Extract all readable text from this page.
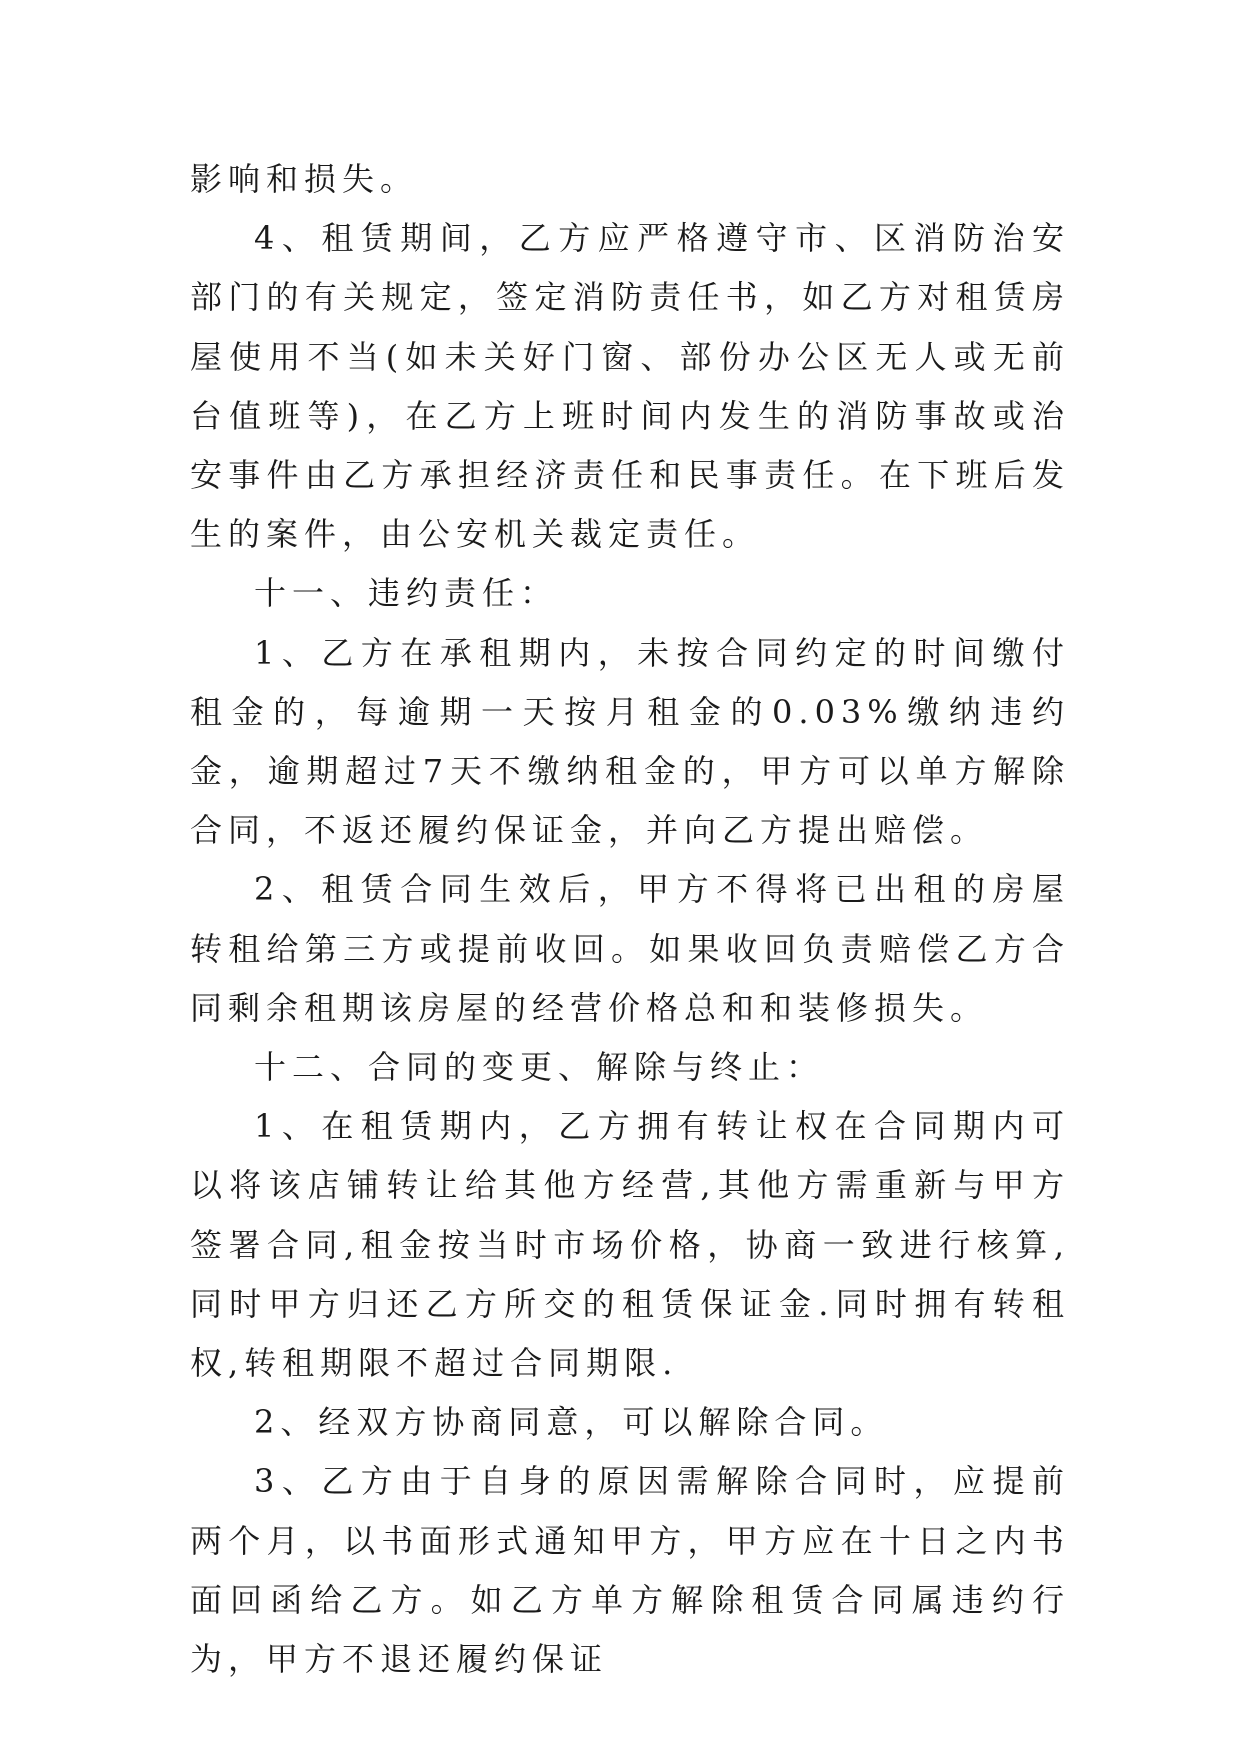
影响和损失。

4、租赁期间，乙方应严格遵守市、区消防治安部门的有关规定，签定消防责任书，如乙方对租赁房屋使用不当(如未关好门窗、部份办公区无人或无前台值班等)，在乙方上班时间内发生的消防事故或治安事件由乙方承担经济责任和民事责任。在下班后发生的案件，由公安机关裁定责任。

十一、违约责任：

1、乙方在承租期内，未按合同约定的时间缴付租金的，每逾期一天按月租金的0.03%缴纳违约金，逾期超过7天不缴纳租金的，甲方可以单方解除合同，不返还履约保证金，并向乙方提出赔偿。

2、租赁合同生效后，甲方不得将已出租的房屋转租给第三方或提前收回。如果收回负责赔偿乙方合同剩余租期该房屋的经营价格总和和装修损失。

十二、合同的变更、解除与终止：

1、在租赁期内，乙方拥有转让权在合同期内可以将该店铺转让给其他方经营,其他方需重新与甲方签署合同,租金按当时市场价格，协商一致进行核算,同时甲方归还乙方所交的租赁保证金.同时拥有转租权,转租期限不超过合同期限.

2、经双方协商同意，可以解除合同。

3、乙方由于自身的原因需解除合同时，应提前两个月，以书面形式通知甲方，甲方应在十日之内书面回函给乙方。如乙方单方解除租赁合同属违约行为，甲方不退还履约保证
